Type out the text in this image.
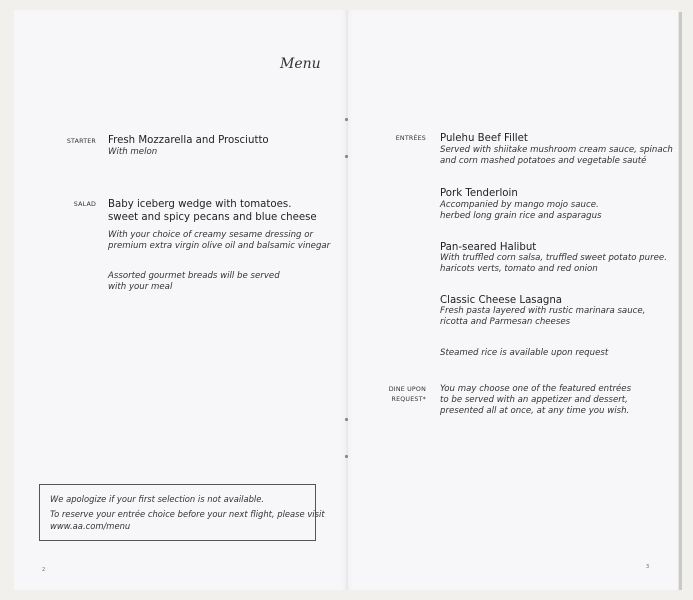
Menu
STARTER Fresh Mozzarella and Prosciutto
With melon
SALAD Baby iceberg wedge with tomatoes.
sweet and spicy pecans and blue cheese
With your choice of creamy sesame dressing or
premium extra virgin olive oil and balsamic vinegar
Assorted gourmet breads will be served
with your meal
We apologize if your first selection is not available.
To reserve your entrée choice before your next flight, please visit
www.aa.com/menu
2
ENTRÉES Pulehu Beef Fillet
Served with shiitake mushroom cream sauce, spinach
and corn mashed potatoes and vegetable sauté
Pork Tenderloin
Accompanied by mango mojo sauce.
herbed long grain rice and asparagus
Pan-seared Halibut
With truffled corn salsa, truffled sweet potato puree.
haricots verts, tomato and red onion
Classic Cheese Lasagna
Fresh pasta layered with rustic marinara sauce,
ricotta and Parmesan cheeses
Steamed rice is available upon request
DINE UPON
REQUEST*
You may choose one of the featured entrées
to be served with an appetizer and dessert,
presented all at once, at any time you wish.
3
